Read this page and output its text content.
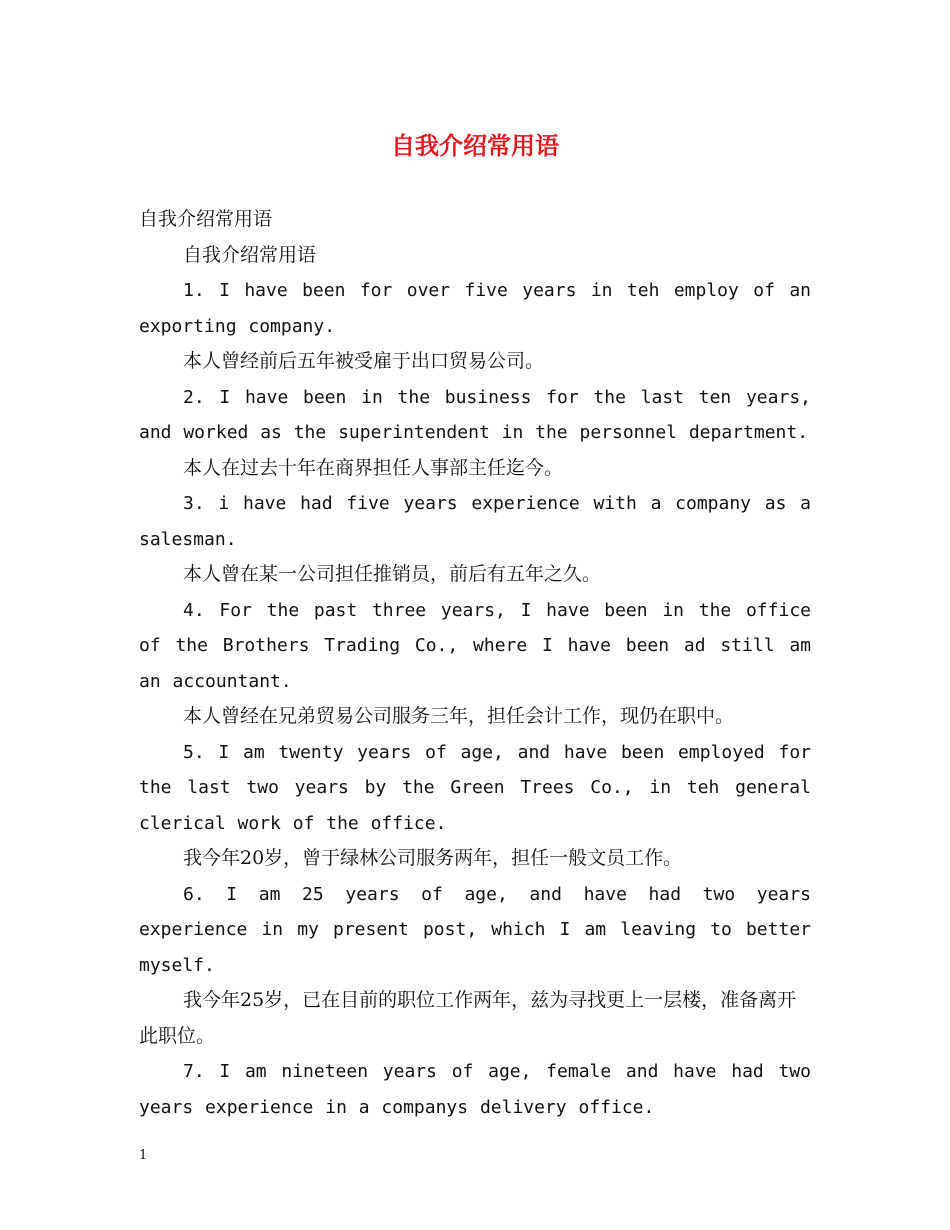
自我介绍常用语

自我介绍常用语

自我介绍常用语

1. I have been for over five years in teh employ of an exporting company.

本人曾经前后五年被受雇于出口贸易公司。

2. I have been in the business for the last ten years, and worked as the superintendent in the personnel department.

本人在过去十年在商界担任人事部主任迄今。

3. i have had five years experience with a company as a salesman.

本人曾在某一公司担任推销员，前后有五年之久。

4. For the past three years, I have been in the office of the Brothers Trading Co., where I have been ad still am an accountant.

本人曾经在兄弟贸易公司服务三年，担任会计工作，现仍在职中。

5. I am twenty years of age, and have been employed for the last two years by the Green Trees Co., in teh general clerical work of the office.

我今年20岁，曾于绿林公司服务两年，担任一般文员工作。

6. I am 25 years of age, and have had two years experience in my present post, which I am leaving to better myself.

我今年25岁，已在目前的职位工作两年，兹为寻找更上一层楼，准备离开此职位。

7. I am nineteen years of age, female and have had two years experience in a companys delivery office.

1
